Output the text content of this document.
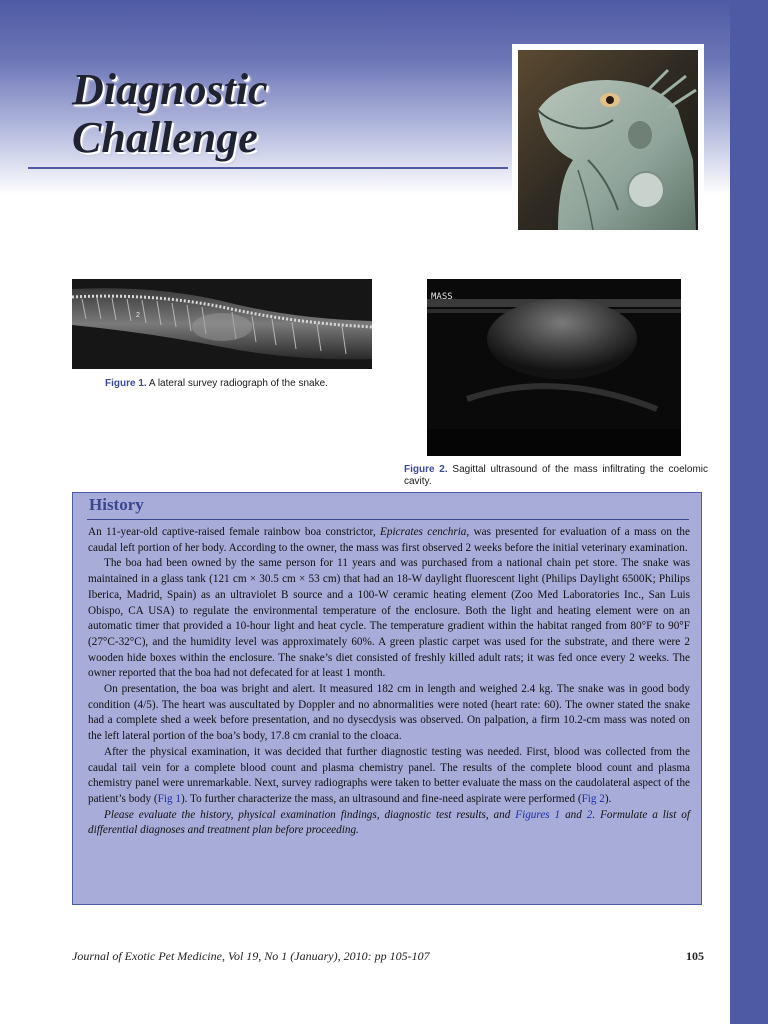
Diagnostic
Challenge
2
Figure 1. A lateral survey radiograph of the snake.
MASS
Figure 2. Sagittal ultrasound of the mass infiltrating the coelomic cavity.
History

An 11-year-old captive-raised female rainbow boa constrictor, Epicrates cenchria, was presented for evaluation of a mass on the caudal left portion of her body. According to the owner, the mass was first observed 2 weeks before the initial veterinary examination.

The boa had been owned by the same person for 11 years and was purchased from a national chain pet store. The snake was maintained in a glass tank (121 cm × 30.5 cm × 53 cm) that had an 18-W daylight fluorescent light (Philips Daylight 6500K; Philips Iberica, Madrid, Spain) as an ultraviolet B source and a 100-W ceramic heating element (Zoo Med Laboratories Inc., San Luis Obispo, CA USA) to regulate the environmental temperature of the enclosure. Both the light and heating element were on an automatic timer that provided a 10-hour light and heat cycle. The temperature gradient within the habitat ranged from 80°F to 90°F (27°C-32°C), and the humidity level was approximately 60%. A green plastic carpet was used for the substrate, and there were 2 wooden hide boxes within the enclosure. The snake’s diet consisted of freshly killed adult rats; it was fed once every 2 weeks. The owner reported that the boa had not defecated for at least 1 month.

On presentation, the boa was bright and alert. It measured 182 cm in length and weighed 2.4 kg. The snake was in good body condition (4/5). The heart was auscultated by Doppler and no abnormalities were noted (heart rate: 60). The owner stated the snake had a complete shed a week before presentation, and no dysecdysis was observed. On palpation, a firm 10.2-cm mass was noted on the left lateral portion of the boa’s body, 17.8 cm cranial to the cloaca.

After the physical examination, it was decided that further diagnostic testing was needed. First, blood was collected from the caudal tail vein for a complete blood count and plasma chemistry panel. The results of the complete blood count and plasma chemistry panel were unremarkable. Next, survey radiographs were taken to better evaluate the mass on the caudolateral aspect of the patient’s body (Fig 1). To further characterize the mass, an ultrasound and fine-need aspirate were performed (Fig 2).

Please evaluate the history, physical examination findings, diagnostic test results, and Figures 1 and 2. Formulate a list of differential diagnoses and treatment plan before proceeding.

Journal of Exotic Pet Medicine, Vol 19, No 1 (January), 2010: pp 105-107	105
